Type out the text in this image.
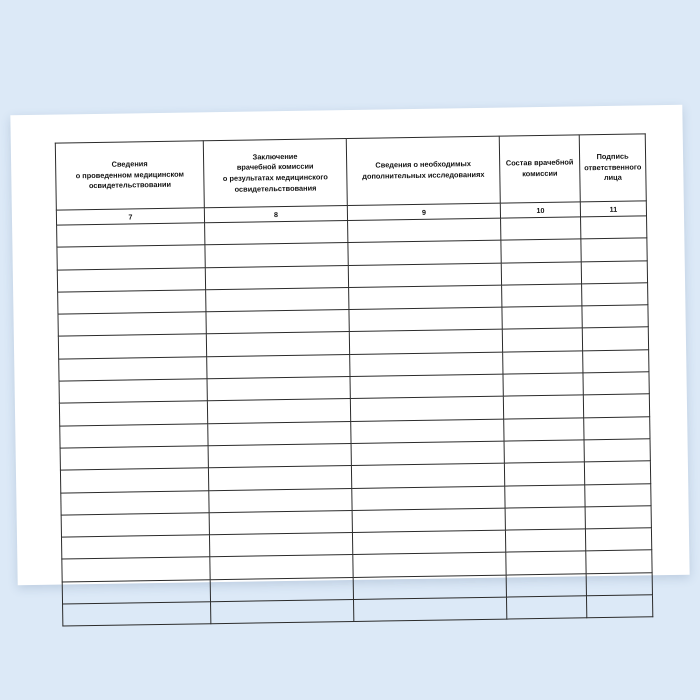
Сведения
о проведенном медицинском
освидетельствовании	Заключение
врачебной комиссии
о результатах медицинского
освидетельствования	Сведения о необходимых
дополнительных исследованиях	Состав врачебной
комиссии	Подпись
ответственного
лица

7	8	9	10	11
